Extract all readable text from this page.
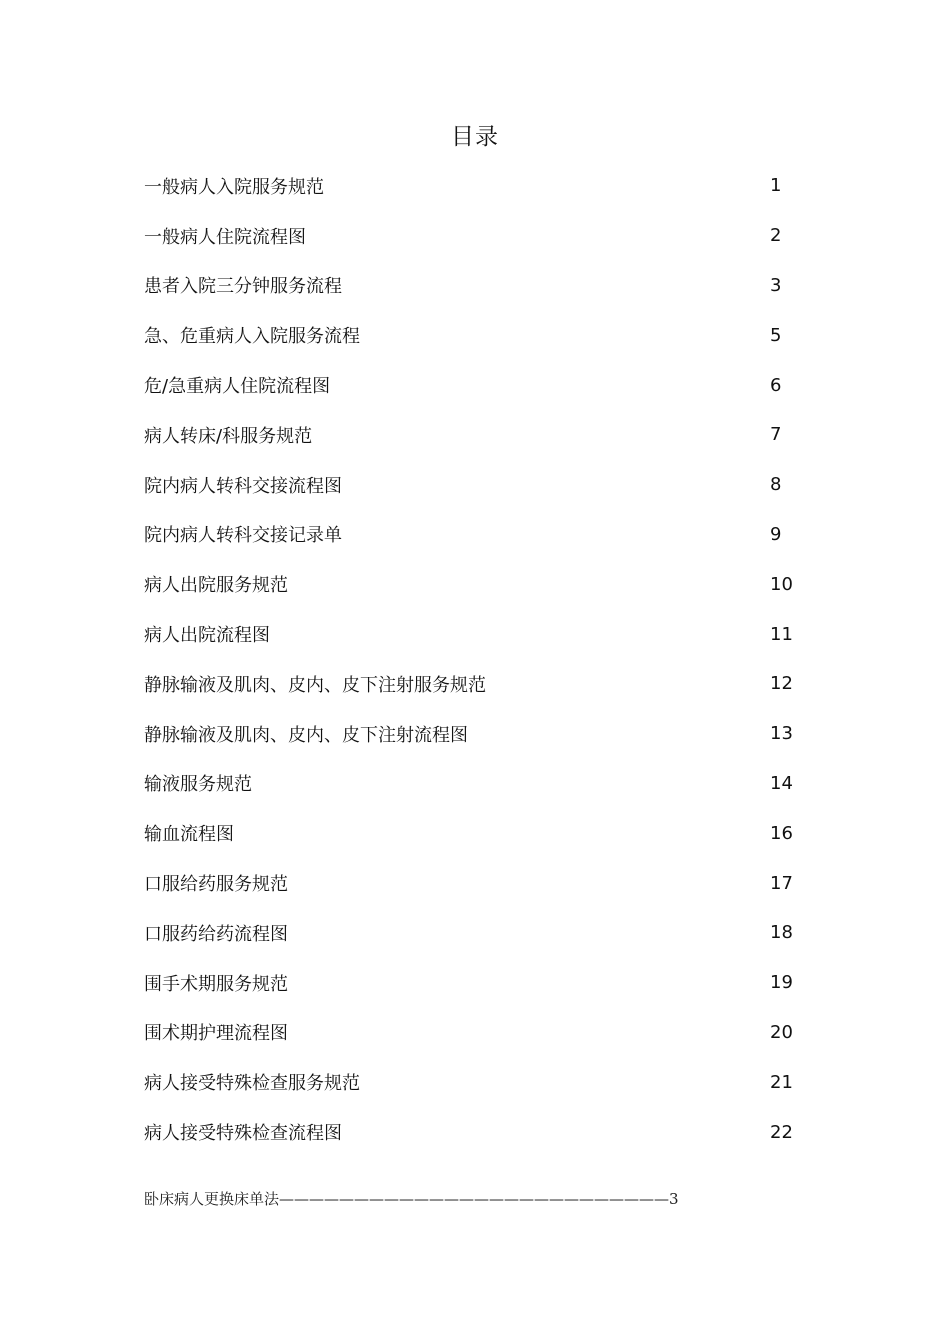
目录
一般病人入院服务规范	1
一般病人住院流程图	2
患者入院三分钟服务流程	3
急、危重病人入院服务流程	5
危/急重病人住院流程图	6
病人转床/科服务规范	7
院内病人转科交接流程图	8
院内病人转科交接记录单	9
病人出院服务规范	10
病人出院流程图	11
静脉输液及肌肉、皮内、皮下注射服务规范	12
静脉输液及肌肉、皮内、皮下注射流程图	13
输液服务规范	14
输血流程图	16
口服给药服务规范	17
口服药给药流程图	18
围手术期服务规范	19
围术期护理流程图	20
病人接受特殊检查服务规范	21
病人接受特殊检查流程图	22
卧床病人更换床单法——————————————————————————3
